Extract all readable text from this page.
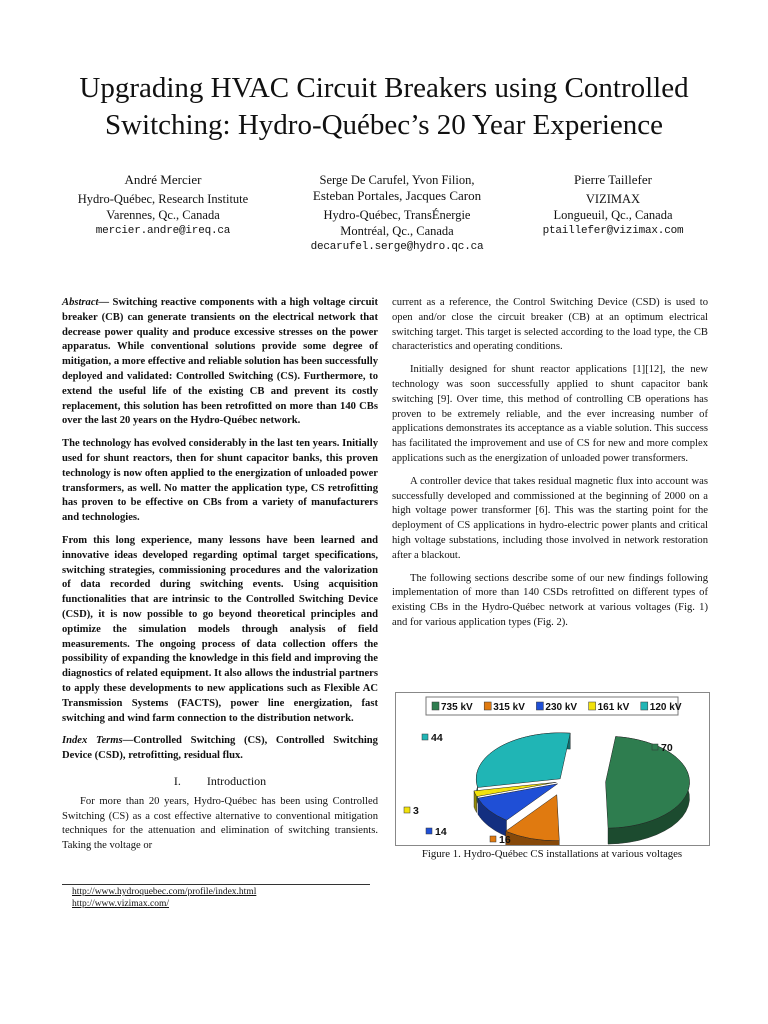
Upgrading HVAC Circuit Breakers using Controlled Switching: Hydro-Québec’s 20 Year Experience
André Mercier
Hydro-Québec, Research Institute
Varennes, Qc., Canada
mercier.andre@ireq.ca
Serge De Carufel, Yvon Filion,
Esteban Portales, Jacques Caron
Hydro-Québec, TransÉnergie
Montréal, Qc., Canada
decarufel.serge@hydro.qc.ca
Pierre Taillefer
VIZIMAX
Longueuil, Qc., Canada
ptaillefer@vizimax.com

Abstract— Switching reactive components with a high voltage circuit breaker (CB) can generate transients on the electrical network that decrease power quality and produce excessive stresses on the power apparatus. While conventional solutions provide some degree of mitigation, a more effective and reliable solution has been successfully deployed and validated: Controlled Switching (CS). Furthermore, to extend the useful life of the existing CB and prevent its costly replacement, this solution has been retrofitted on more than 140 CBs over the last 20 years on the Hydro-Québec network.

The technology has evolved considerably in the last ten years. Initially used for shunt reactors, then for shunt capacitor banks, this proven technology is now often applied to the energization of unloaded power transformers, as well. No matter the application type, CS retrofitting has proven to be effective on CBs from a variety of manufacturers and technologies.

From this long experience, many lessons have been learned and innovative ideas developed regarding optimal target specifications, switching strategies, commissioning procedures and the valorization of data recorded during switching events. Using acquisition functionalities that are intrinsic to the Controlled Switching Device (CSD), it is now possible to go beyond theoretical principles and optimize the simulation models through analysis of field measurements. The ongoing process of data collection offers the possibility of expanding the knowledge in this field and improving the diagnostics of related equipment. It also allows the industrial partners to apply these developments to new applications such as Flexible AC Transmission Systems (FACTS), power line energization, fast switching and wind farm connection to the distribution network.

Index Terms—Controlled Switching (CS), Controlled Switching Device (CSD), retrofitting, residual flux.

I. Introduction

For more than 20 years, Hydro-Québec has been using Controlled Switching (CS) as a cost effective alternative to conventional mitigation techniques for the attenuation and elimination of switching transients. Taking the voltage or

current as a reference, the Control Switching Device (CSD) is used to open and/or close the circuit breaker (CB) at an optimum electrical switching target. This target is selected according to the load type, the CB characteristics and operating conditions.

Initially designed for shunt reactor applications [1][12], the new technology was soon successfully applied to shunt capacitor bank switching [9]. Over time, this method of controlling CB operations has proven to be extremely reliable, and the ever increasing number of applications demonstrates its acceptance as a viable solution. This success has facilitated the improvement and use of CS for new and more complex applications such as the energization of unloaded power transformers.

A controller device that takes residual magnetic flux into account was successfully developed and commissioned at the beginning of 2000 on a high voltage power transformer [6]. This was the starting point for the deployment of CS applications in hydro-electric power plants and critical high voltage substations, including those involved in network restoration after a blackout.

The following sections describe some of our new findings following implementation of more than 140 CSDs retrofitted on different types of existing CBs in the Hydro-Québec network at various voltages (Fig. 1) and for various application types (Fig. 2).

735 kV 315 kV 230 kV 161 kV 120 kV
70
16
14
3
44
Figure 1. Hydro-Québec CS installations at various voltages
http://www.hydroquebec.com/profile/index.html
http://www.vizimax.com/
